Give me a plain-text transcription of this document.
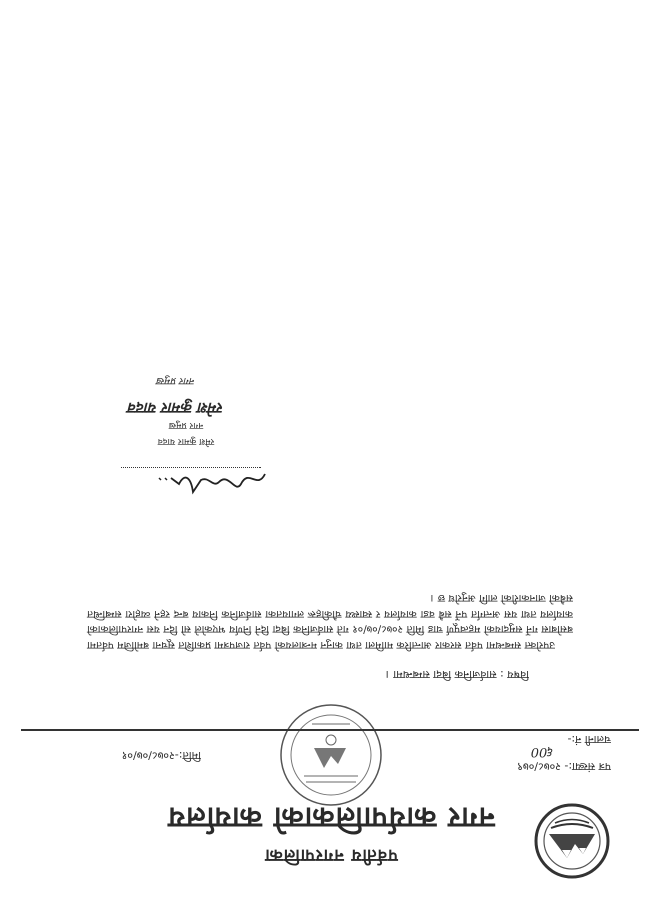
पर्वतीय नगरपालिका
नगर कार्यपालिकाको कार्यालय
पत्र संख्या:- २०७८/०७९
६00
चलानी नं:-
मिति:-२०७८/०७/०१
विषय : सार्वजनिक बिदा सम्बन्धमा ।
उपरोक्त सम्बन्धमा पर्वत सरकार आन्तरिक मामिला तथा कानुन मन्त्रालयको पर्वत राजपत्रमा प्रकाशित सूचना बमोजिम पर्वतमा बसोबास गर्ने समुदायको महत्वपूर्ण चाड मिति २०७८/०७/०१ गते सार्वजनिक बिदा दिने निर्णय भएकोले सो दिन यस नगरपालिकाको कार्यालय तथा यस अन्तर्गत पर्ने सबै वडा कार्यालय र स्वास्थ्य चौकीहरू लगायतका सार्वजनिक निकाय बन्द रहने व्यहोरा सम्बन्धित सबैको जानकारीको लागि अनुरोध छ ।
रमेश कुमार यादव
नगर प्रमुख
रमेश कुमार यादव
नगर प्रमुख
